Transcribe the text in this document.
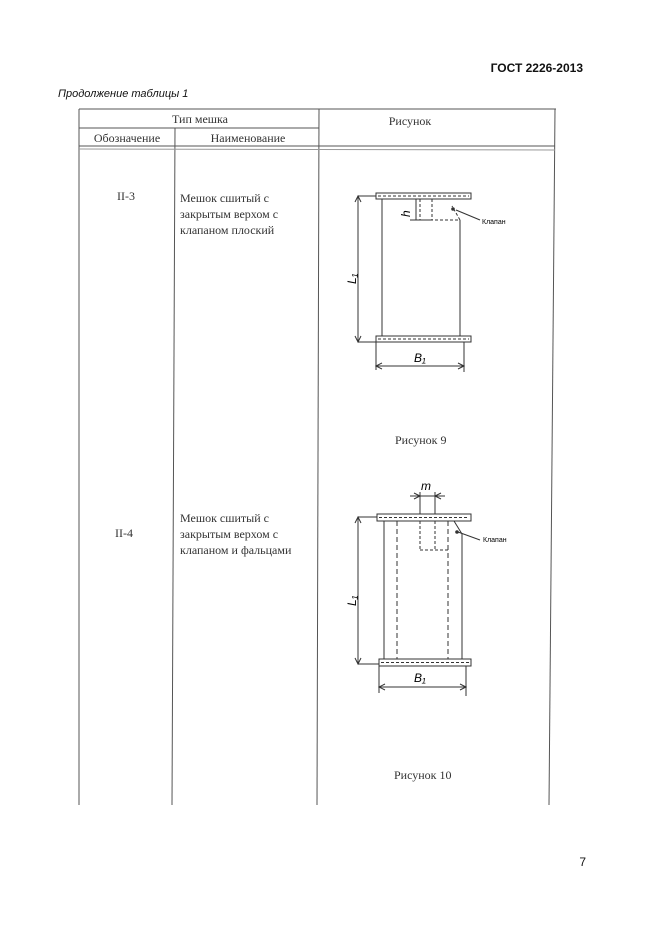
ГОСТ 2226-2013
Продолжение таблицы 1
Тип мешка
Обозначение	Наименование
Рисунок
II-3	Мешок сшитый с
закрытым верхом с
клапаном плоский
h
Клапан
L₁
B₁
Рисунок 9
II-4
Мешок сшитый с
закрытым верхом с
клапаном и фальцами
m
Клапан
L₁
B₁
Рисунок 10
7
